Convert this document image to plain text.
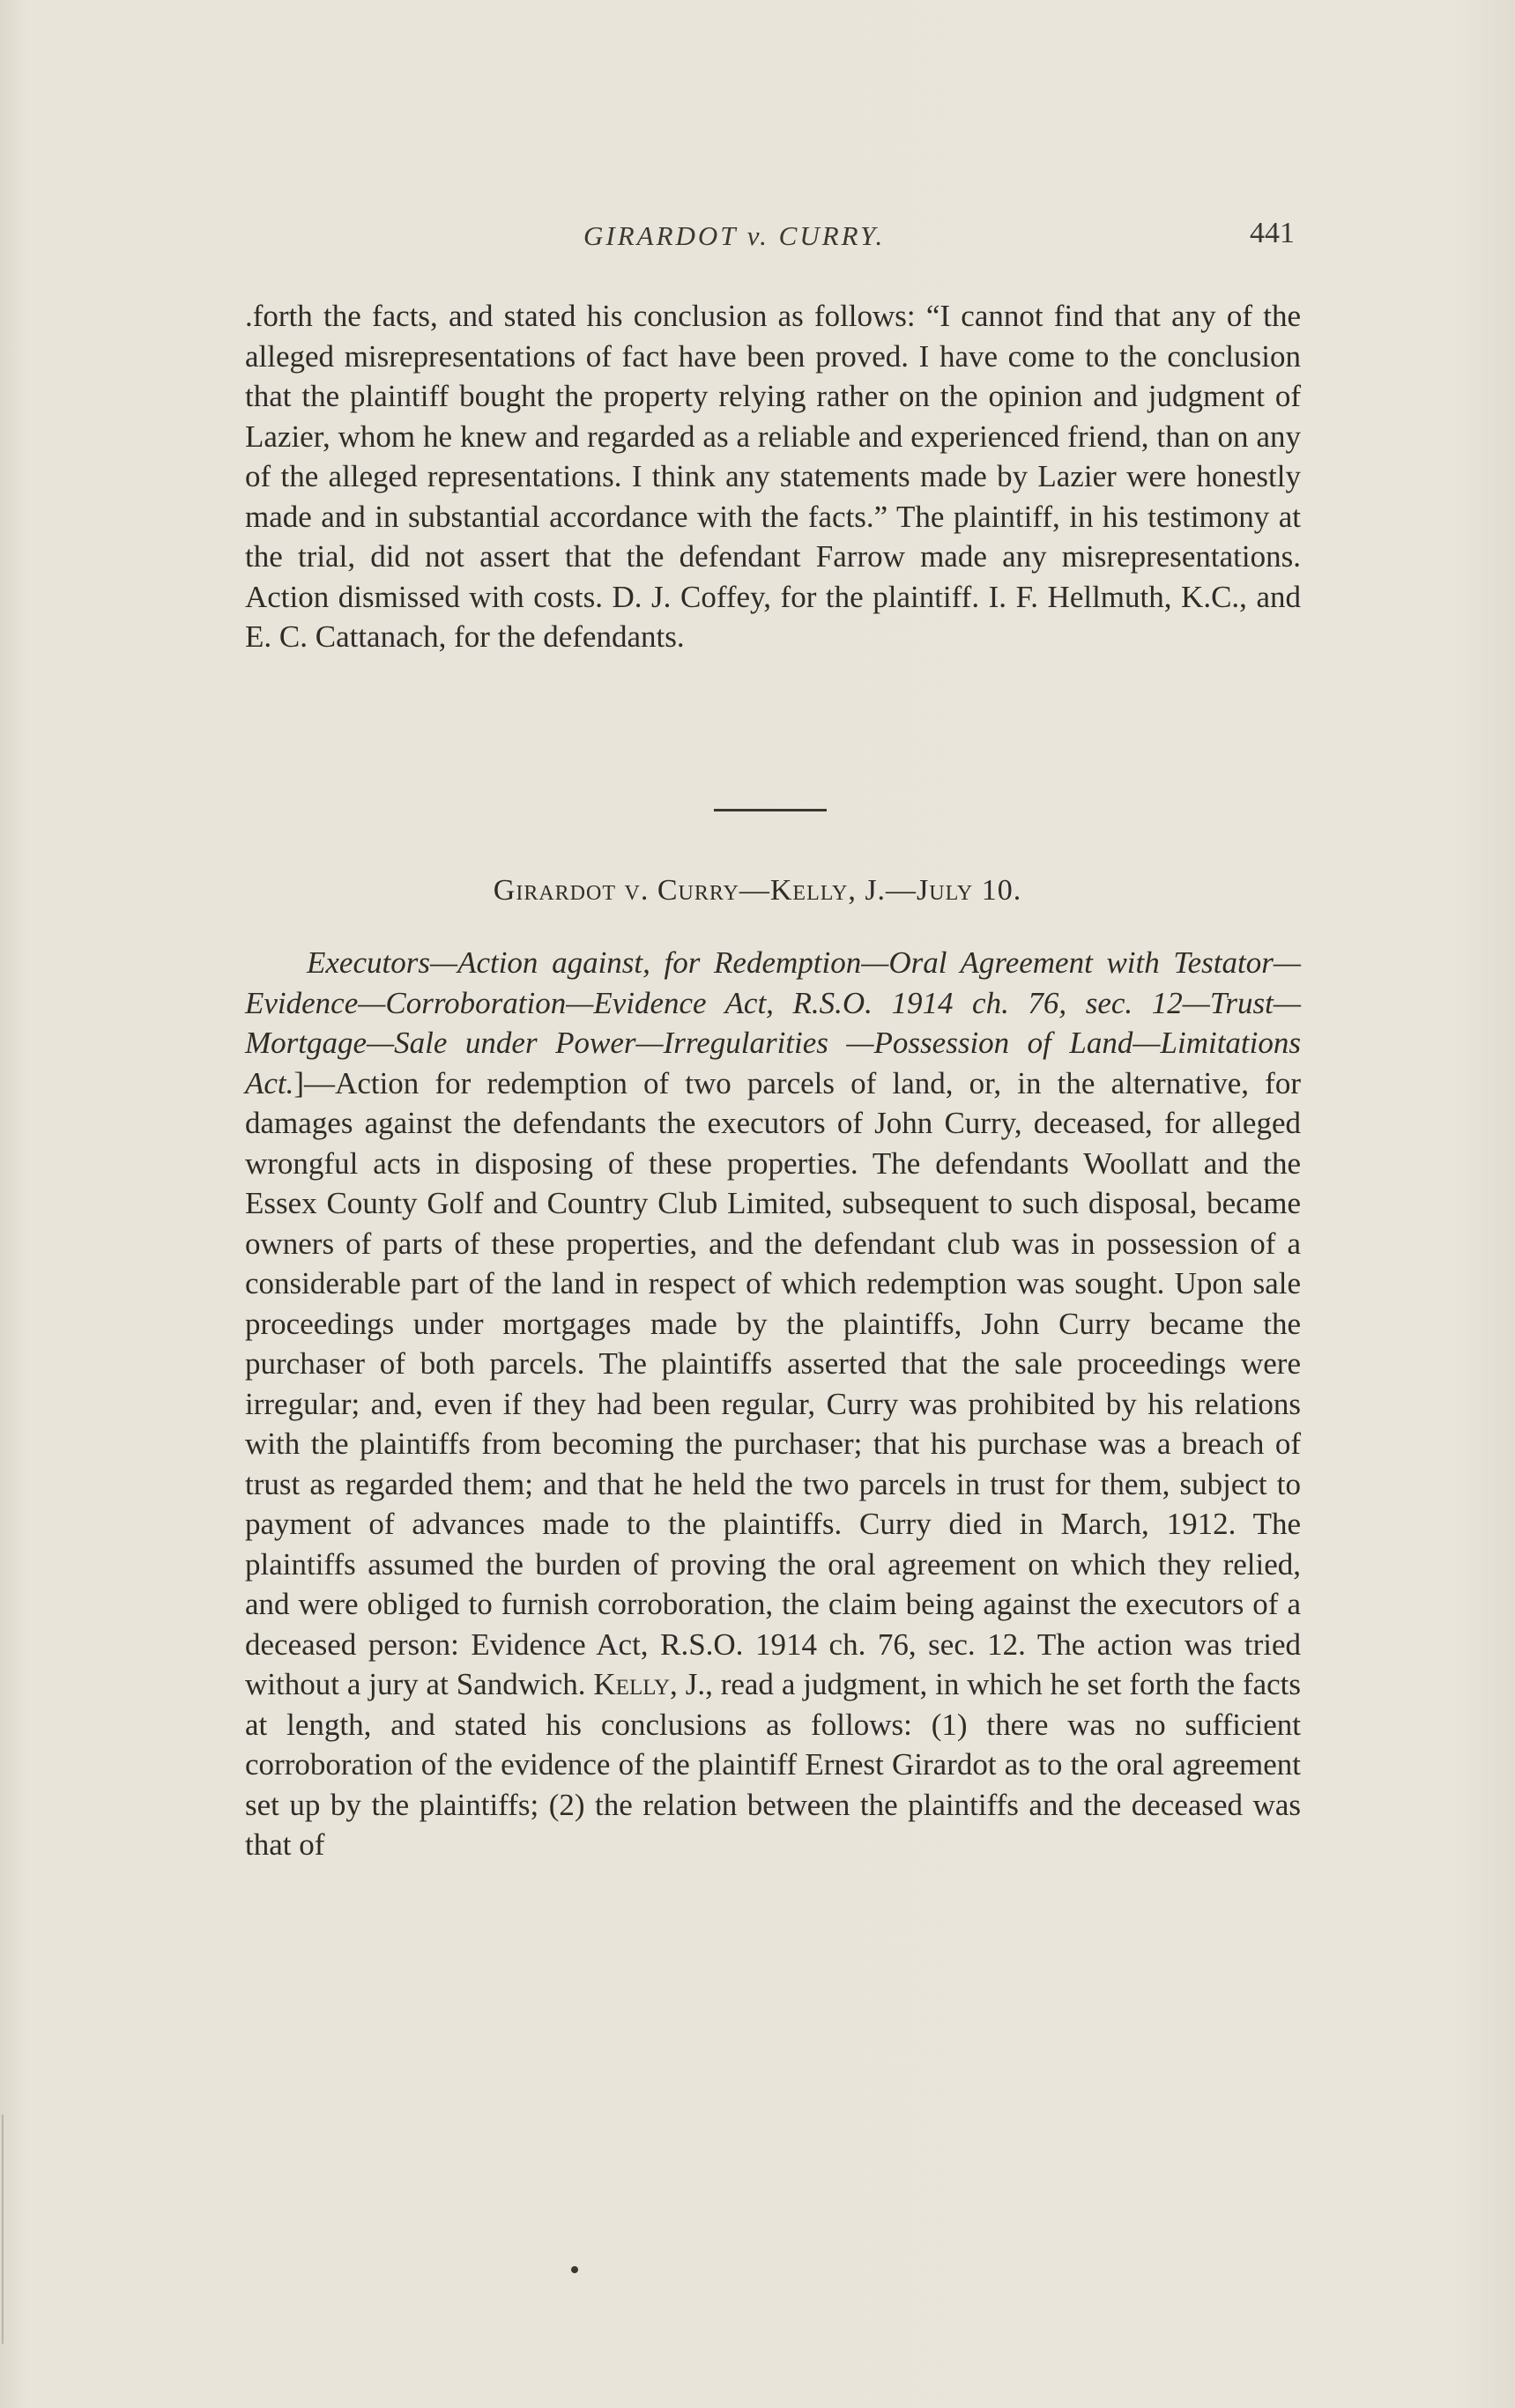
GIRARDOT v. CURRY.	441
.forth the facts, and stated his conclusion as follows: “I cannot find that any of the alleged misrepresentations of fact have been proved. I have come to the conclusion that the plaintiff bought the property relying rather on the opinion and judgment of Lazier, whom he knew and regarded as a reliable and experienced friend, than on any of the alleged representations. I think any statements made by Lazier were honestly made and in substantial accordance with the facts.” The plaintiff, in his testimony at the trial, did not assert that the defendant Farrow made any misrepresentations. Action dismissed with costs. D. J. Coffey, for the plaintiff. I. F. Hellmuth, K.C., and E. C. Cattanach, for the defendants.
Girardot v. Curry—Kelly, J.—July 10.
Executors—Action against, for Redemption—Oral Agreement with Testator—Evidence—Corroboration—Evidence Act, R.S.O. 1914 ch. 76, sec. 12—Trust—Mortgage—Sale under Power—Irregularities —Possession of Land—Limitations Act.]—Action for redemption of two parcels of land, or, in the alternative, for damages against the defendants the executors of John Curry, deceased, for alleged wrongful acts in disposing of these properties. The defendants Woollatt and the Essex County Golf and Country Club Limited, subsequent to such disposal, became owners of parts of these properties, and the defendant club was in possession of a considerable part of the land in respect of which redemption was sought. Upon sale proceedings under mortgages made by the plaintiffs, John Curry became the purchaser of both parcels. The plaintiffs asserted that the sale proceedings were irregular; and, even if they had been regular, Curry was prohibited by his relations with the plaintiffs from becoming the purchaser; that his purchase was a breach of trust as regarded them; and that he held the two parcels in trust for them, subject to payment of advances made to the plaintiffs. Curry died in March, 1912. The plaintiffs assumed the burden of proving the oral agreement on which they relied, and were obliged to furnish corroboration, the claim being against the executors of a deceased person: Evidence Act, R.S.O. 1914 ch. 76, sec. 12. The action was tried without a jury at Sandwich. Kelly, J., read a judgment, in which he set forth the facts at length, and stated his conclusions as follows: (1) there was no sufficient corroboration of the evidence of the plaintiff Ernest Girardot as to the oral agreement set up by the plaintiffs; (2) the relation between the plaintiffs and the deceased was that of
